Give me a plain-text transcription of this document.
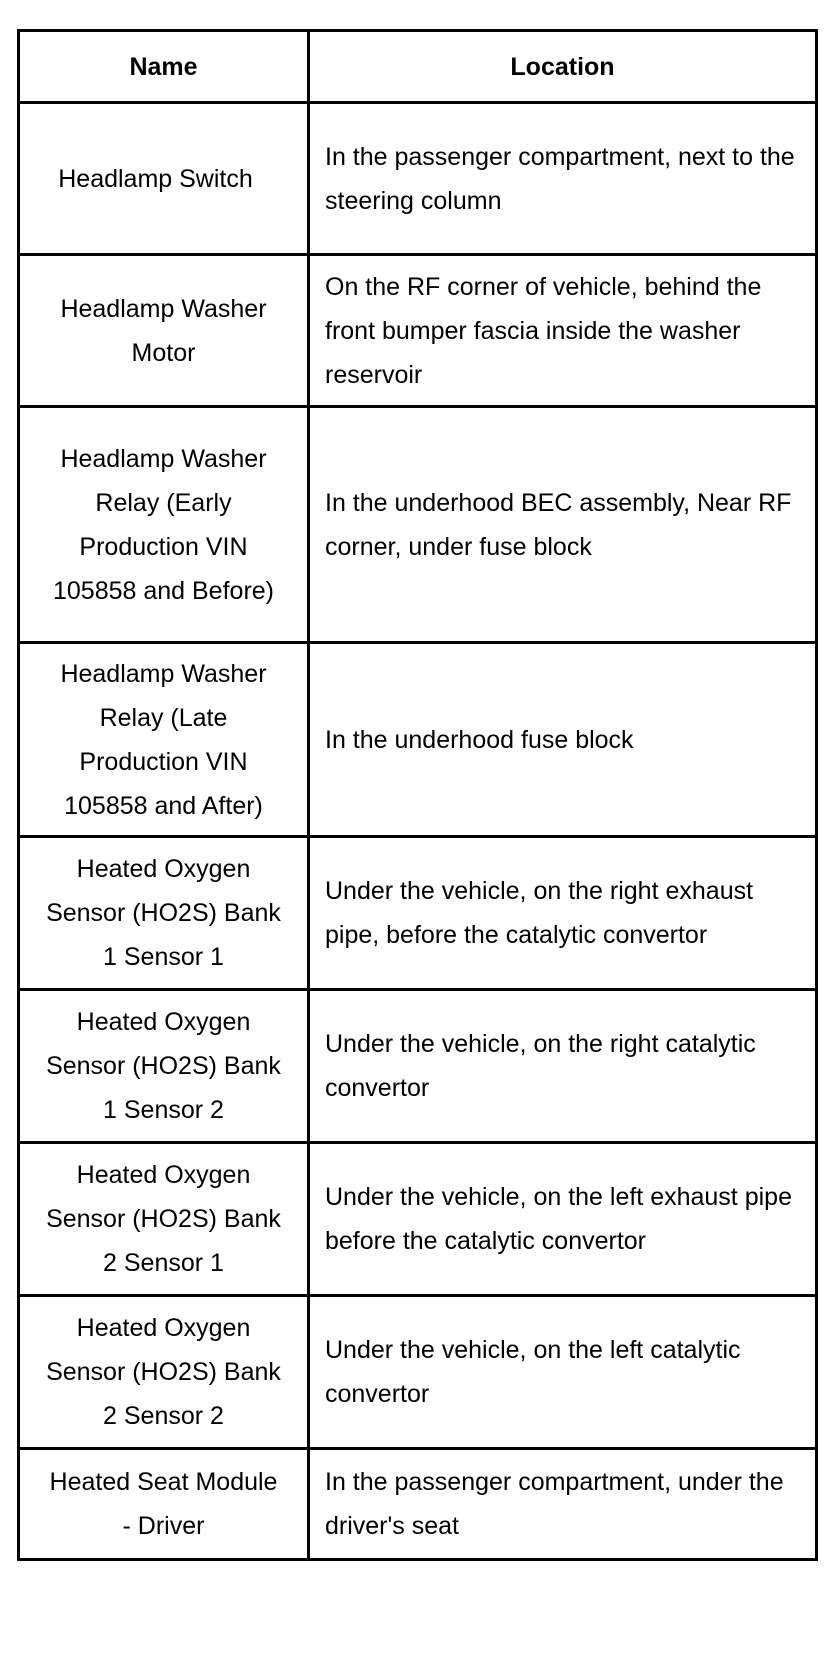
Name	Location
Headlamp Switch	In the passenger compartment, next to the steering column
Headlamp Washer Motor	On the RF corner of vehicle, behind the front bumper fascia inside the washer reservoir
Headlamp Washer Relay (Early Production VIN 105858 and Before)	In the underhood BEC assembly, Near RF corner, under fuse block
Headlamp Washer Relay (Late Production VIN 105858 and After)	In the underhood fuse block
Heated Oxygen Sensor (HO2S) Bank 1 Sensor 1	Under the vehicle, on the right exhaust pipe, before the catalytic convertor
Heated Oxygen Sensor (HO2S) Bank 1 Sensor 2	Under the vehicle, on the right catalytic convertor
Heated Oxygen Sensor (HO2S) Bank 2 Sensor 1	Under the vehicle, on the left exhaust pipe before the catalytic convertor
Heated Oxygen Sensor (HO2S) Bank 2 Sensor 2	Under the vehicle, on the left catalytic convertor
Heated Seat Module - Driver	In the passenger compartment, under the driver's seat
